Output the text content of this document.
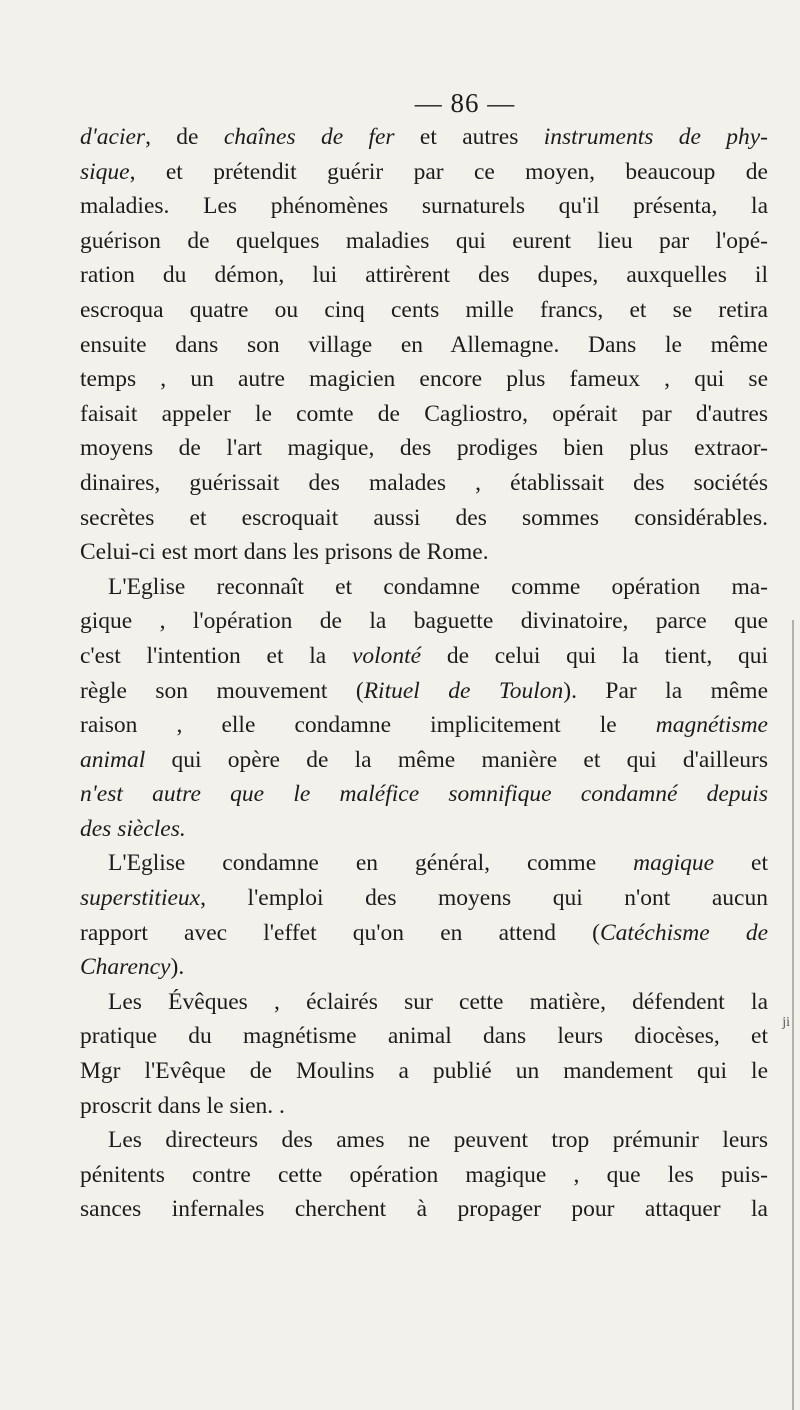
— 86 —
d'acier, de chaînes de fer et autres instruments de phy-
sique, et prétendit guérir par ce moyen, beaucoup de
maladies. Les phénomènes surnaturels qu'il présenta, la
guérison de quelques maladies qui eurent lieu par l'opé-
ration du démon, lui attirèrent des dupes, auxquelles il
escroqua quatre ou cinq cents mille francs, et se retira
ensuite dans son village en Allemagne. Dans le même
temps , un autre magicien encore plus fameux , qui se
faisait appeler le comte de Cagliostro, opérait par d'autres
moyens de l'art magique, des prodiges bien plus extraor-
dinaires, guérissait des malades , établissait des sociétés
secrètes et escroquait aussi des sommes considérables.
Celui-ci est mort dans les prisons de Rome.
L'Eglise reconnaît et condamne comme opération ma-
gique , l'opération de la baguette divinatoire, parce que
c'est l'intention et la volonté de celui qui la tient, qui
règle son mouvement (Rituel de Toulon). Par la même
raison , elle condamne implicitement le magnétisme
animal qui opère de la même manière et qui d'ailleurs
n'est autre que le maléfice somnifique condamné depuis
des siècles.
L'Eglise condamne en général, comme magique et
superstitieux, l'emploi des moyens qui n'ont aucun
rapport avec l'effet qu'on en attend (Catéchisme de
Charency).
Les Évêques , éclairés sur cette matière, défendent la
pratique du magnétisme animal dans leurs diocèses, et
Mgr l'Evêque de Moulins a publié un mandement qui le
proscrit dans le sien. .
Les directeurs des ames ne peuvent trop prémunir leurs
pénitents contre cette opération magique , que les puis-
sances infernales cherchent à propager pour attaquer la
ji
